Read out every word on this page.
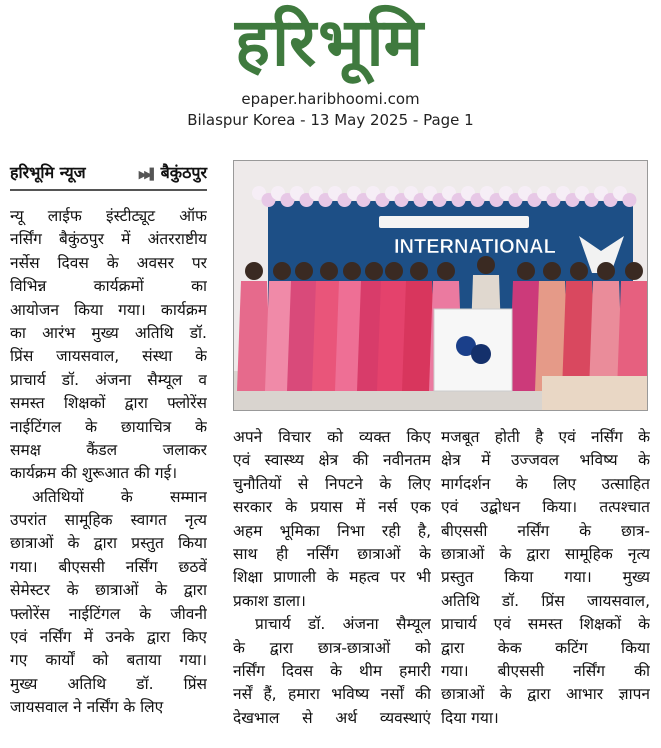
हरिभूमि
epaper.haribhoomi.com
Bilaspur Korea - 13 May 2025 - Page 1
हरिभूमि न्यूज	▶▶▌ बैकुंठपुर
न्यू लाईफ इंस्टीट्यूट ऑफ
नर्सिंग बैकुंठपुर में अंतरराष्टीय
नर्सेस दिवस के अवसर पर
विभिन्न कार्यक्रमों का
आयोजन किया गया। कार्यक्रम
का आरंभ मुख्य अतिथि डॉ.
प्रिंस जायसवाल, संस्था के
प्राचार्य डॉ. अंजना सैम्यूल व
समस्त शिक्षकों द्वारा फ्लोरेंस
नाईटिंगल के छायाचित्र के
समक्ष कैंडल जलाकर
कार्यक्रम की शुरूआत की गई।
अतिथियों के सम्मान
उपरांत सामूहिक स्वागत नृत्य
छात्राओं के द्वारा प्रस्तुत किया
गया। बीएससी नर्सिंग छठवें
सेमेस्टर के छात्राओं के द्वारा
फ्लोरेंस नाईटिंगल के जीवनी
एवं नर्सिंग में उनके द्वारा किए
गए कार्यों को बताया गया।
मुख्य अतिथि डॉ. प्रिंस
जायसवाल ने नर्सिंग के लिए
अपने विचार को व्यक्त किए
एवं स्वास्थ्य क्षेत्र की नवीनतम
चुनौतियों से निपटने के लिए
सरकार के प्रयास में नर्स एक
अहम भूमिका निभा रही है,
साथ ही नर्सिंग छात्राओं के
शिक्षा प्राणाली के महत्व पर भी
प्रकाश डाला।
प्राचार्य डॉ. अंजना सैम्यूल
के द्वारा छात्र-छात्राओं को
नर्सिंग दिवस के थीम हमारी
नर्सें हैं, हमारा भविष्य नर्सों की
देखभाल से अर्थ व्यवस्थाएं
मजबूत होती है एवं नर्सिंग के
क्षेत्र में उज्जवल भविष्य के
मार्गदर्शन के लिए उत्साहित
एवं उद्बोधन किया। तत्पश्चात
बीएससी नर्सिंग के छात्र-
छात्राओं के द्वारा सामूहिक नृत्य
प्रस्तुत किया गया। मुख्य
अतिथि डॉ. प्रिंस जायसवाल,
प्राचार्य एवं समस्त शिक्षकों के
द्वारा केक कटिंग किया
गया। बीएससी नर्सिंग की
छात्राओं के द्वारा आभार ज्ञापन
दिया गया।
INTERNATIONAL
